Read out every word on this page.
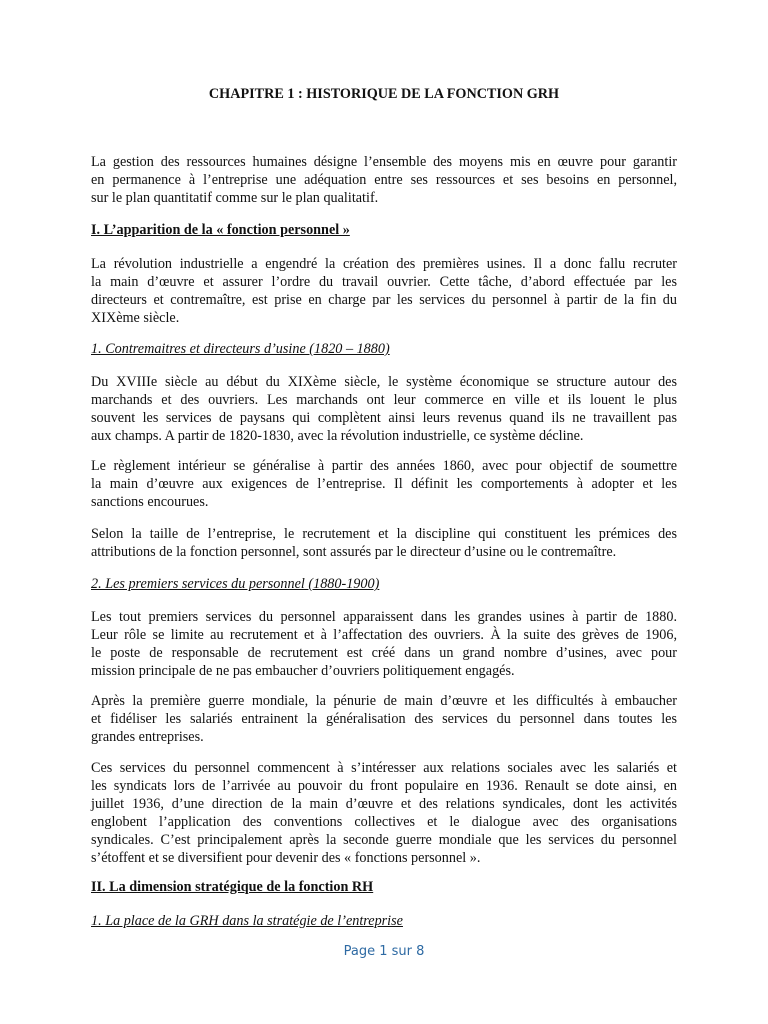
CHAPITRE 1 : HISTORIQUE DE LA FONCTION GRH

La gestion des ressources humaines désigne l’ensemble des moyens mis en œuvre pour garantir
en permanence à l’entreprise une adéquation entre ses ressources et ses besoins en personnel,
sur le plan quantitatif comme sur le plan qualitatif.

I. L’apparition de la « fonction personnel »

La révolution industrielle a engendré la création des premières usines. Il a donc fallu recruter
la main d’œuvre et assurer l’ordre du travail ouvrier. Cette tâche, d’abord effectuée par les
directeurs et contremaître, est prise en charge par les services du personnel à partir de la fin du
XIXème siècle.

1. Contremaitres et directeurs d’usine (1820 – 1880)

Du XVIIIe siècle au début du XIXème siècle, le système économique se structure autour des
marchands et des ouvriers. Les marchands ont leur commerce en ville et ils louent le plus
souvent les services de paysans qui complètent ainsi leurs revenus quand ils ne travaillent pas
aux champs. A partir de 1820-1830, avec la révolution industrielle, ce système décline.

Le règlement intérieur se généralise à partir des années 1860, avec pour objectif de soumettre
la main d’œuvre aux exigences de l’entreprise. Il définit les comportements à adopter et les
sanctions encourues.

Selon la taille de l’entreprise, le recrutement et la discipline qui constituent les prémices des
attributions de la fonction personnel, sont assurés par le directeur d’usine ou le contremaître.

2. Les premiers services du personnel (1880-1900)

Les tout premiers services du personnel apparaissent dans les grandes usines à partir de 1880.
Leur rôle se limite au recrutement et à l’affectation des ouvriers. À la suite des grèves de 1906,
le poste de responsable de recrutement est créé dans un grand nombre d’usines, avec pour
mission principale de ne pas embaucher d’ouvriers politiquement engagés.

Après la première guerre mondiale, la pénurie de main d’œuvre et les difficultés à embaucher
et fidéliser les salariés entrainent la généralisation des services du personnel dans toutes les
grandes entreprises.

Ces services du personnel commencent à s’intéresser aux relations sociales avec les salariés et
les syndicats lors de l’arrivée au pouvoir du front populaire en 1936. Renault se dote ainsi, en
juillet 1936, d’une direction de la main d’œuvre et des relations syndicales, dont les activités
englobent l’application des conventions collectives et le dialogue avec des organisations
syndicales. C’est principalement après la seconde guerre mondiale que les services du personnel
s’étoffent et se diversifient pour devenir des « fonctions personnel ».

II. La dimension stratégique de la fonction RH
1. La place de la GRH dans la stratégie de l’entreprise
Page 1 sur 8
